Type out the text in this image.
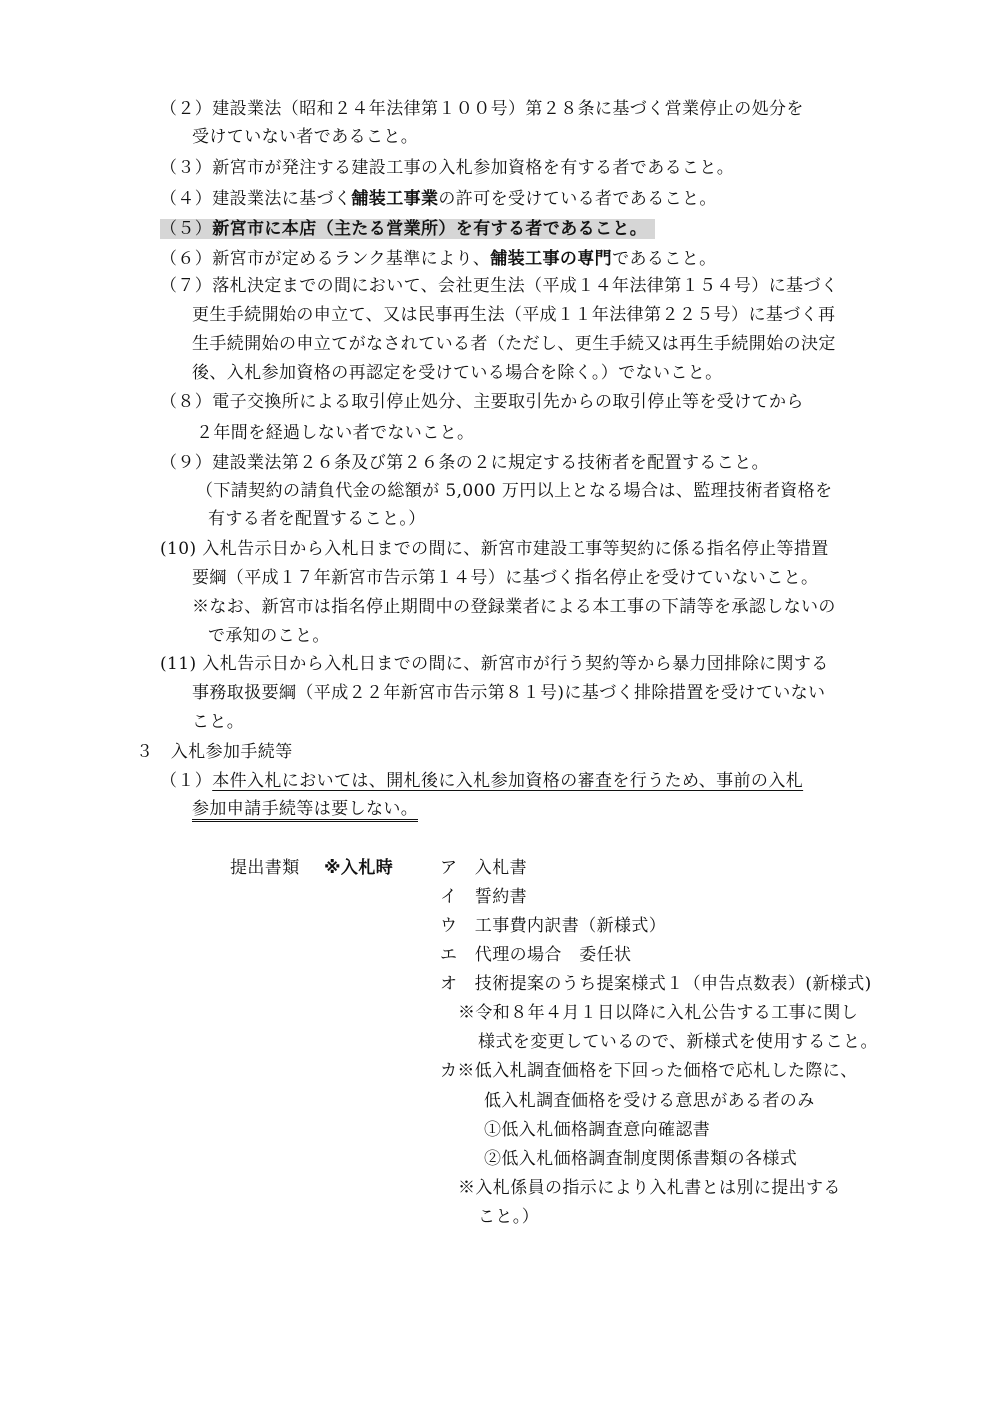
（２）建設業法（昭和２４年法律第１００号）第２８条に基づく営業停止の処分を
受けていない者であること。
（３）新宮市が発注する建設工事の入札参加資格を有する者であること。
（４）建設業法に基づく舗装工事業の許可を受けている者であること。
（５）新宮市に本店（主たる営業所）を有する者であること。
（６）新宮市が定めるランク基準により、舗装工事の専門であること。
（７）落札決定までの間において、会社更生法（平成１４年法律第１５４号）に基づく
更生手続開始の申立て、又は民事再生法（平成１１年法律第２２５号）に基づく再
生手続開始の申立てがなされている者（ただし、更生手続又は再生手続開始の決定
後、入札参加資格の再認定を受けている場合を除く。）でないこと。
（８）電子交換所による取引停止処分、主要取引先からの取引停止等を受けてから
２年間を経過しない者でないこと。
（９）建設業法第２６条及び第２６条の２に規定する技術者を配置すること。
（下請契約の請負代金の総額が 5,000 万円以上となる場合は、監理技術者資格を
有する者を配置すること。）
(10) 入札告示日から入札日までの間に、新宮市建設工事等契約に係る指名停止等措置
要綱（平成１７年新宮市告示第１４号）に基づく指名停止を受けていないこと。
※なお、新宮市は指名停止期間中の登録業者による本工事の下請等を承認しないの
で承知のこと。
(11) 入札告示日から入札日までの間に、新宮市が行う契約等から暴力団排除に関する
事務取扱要綱（平成２２年新宮市告示第８１号)に基づく排除措置を受けていない
こと。
３　入札参加手続等
（１）本件入札においては、開札後に入札参加資格の審査を行うため、事前の入札
参加申請手続等は要しない。
提出書類 ※入札時	ア　入札書
イ　誓約書
ウ　工事費内訳書（新様式）
エ　代理の場合　委任状
オ　技術提案のうち提案様式１（申告点数表）(新様式)
※令和８年４月１日以降に入札公告する工事に関し
様式を変更しているので、新様式を使用すること。
カ※低入札調査価格を下回った価格で応札した際に、
低入札調査価格を受ける意思がある者のみ
①低入札価格調査意向確認書
②低入札価格調査制度関係書類の各様式
※入札係員の指示により入札書とは別に提出する
こと。）
